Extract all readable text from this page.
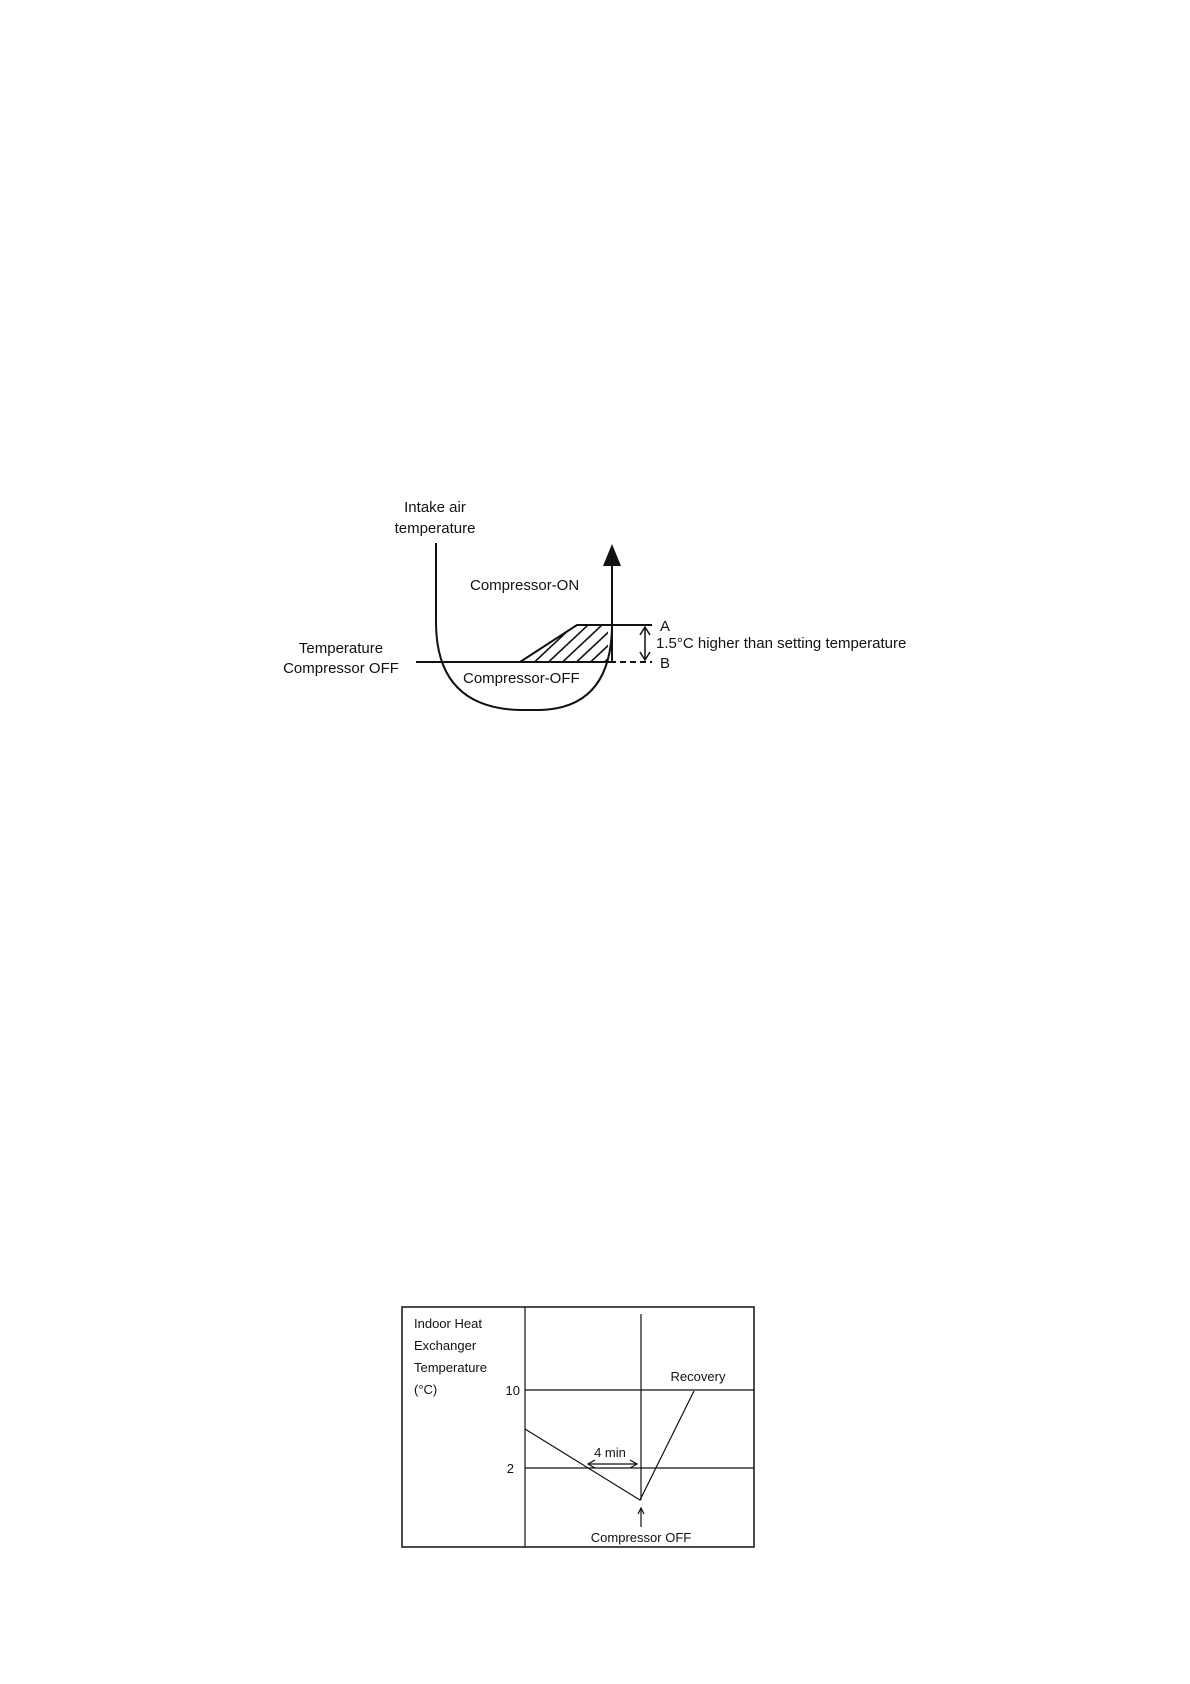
Intake air
temperature
Compressor-ON
Compressor-OFF
Temperature
Compressor OFF
A
B
1.5°C higher than setting temperature
Indoor Heat
Exchanger
Temperature
(°C)	10
2
4 min
Recovery
Compressor OFF
